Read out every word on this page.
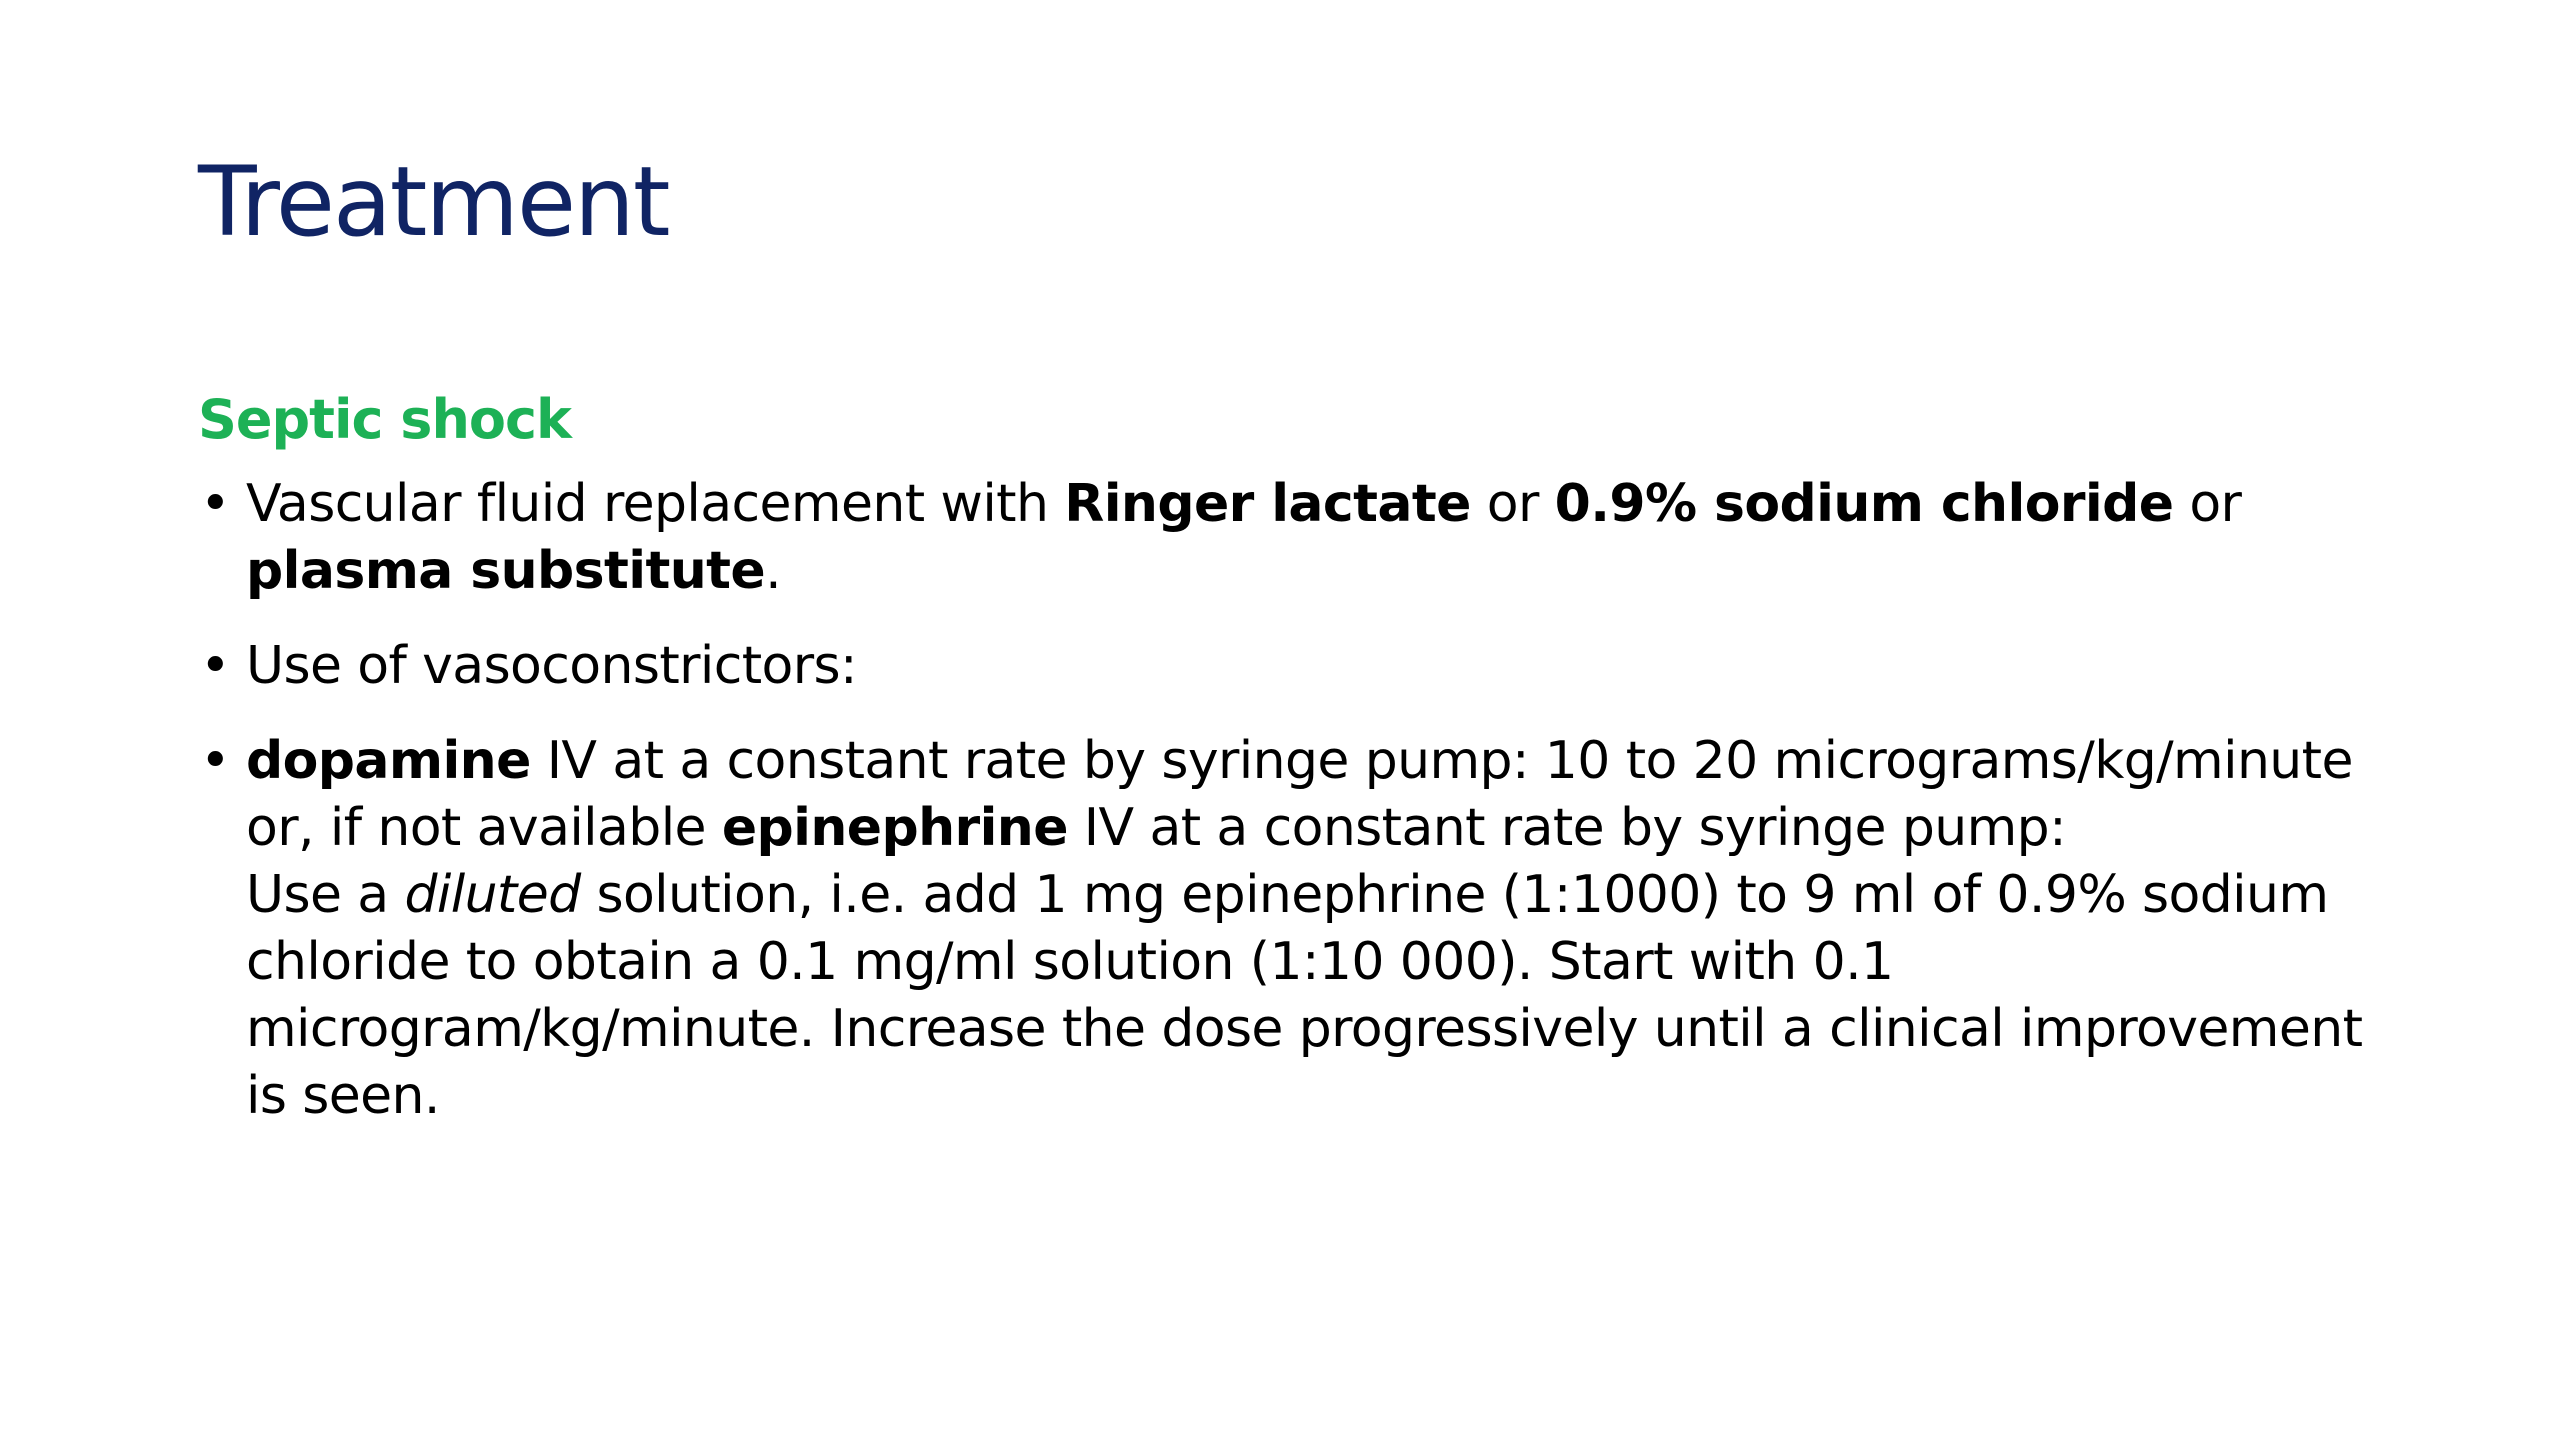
Treatment
Septic shock
• Vascular fluid replacement with Ringer lactate or 0.9% sodium chloride or plasma substitute.
• Use of vasoconstrictors:
• dopamine IV at a constant rate by syringe pump: 10 to 20 micrograms/kg/minute or, if not available epinephrine IV at a constant rate by syringe pump:
Use a diluted solution, i.e. add 1 mg epinephrine (1:1000) to 9 ml of 0.9% sodium chloride to obtain a 0.1 mg/ml solution (1:10 000). Start with 0.1 microgram/kg/minute. Increase the dose progressively until a clinical improvement is seen.
